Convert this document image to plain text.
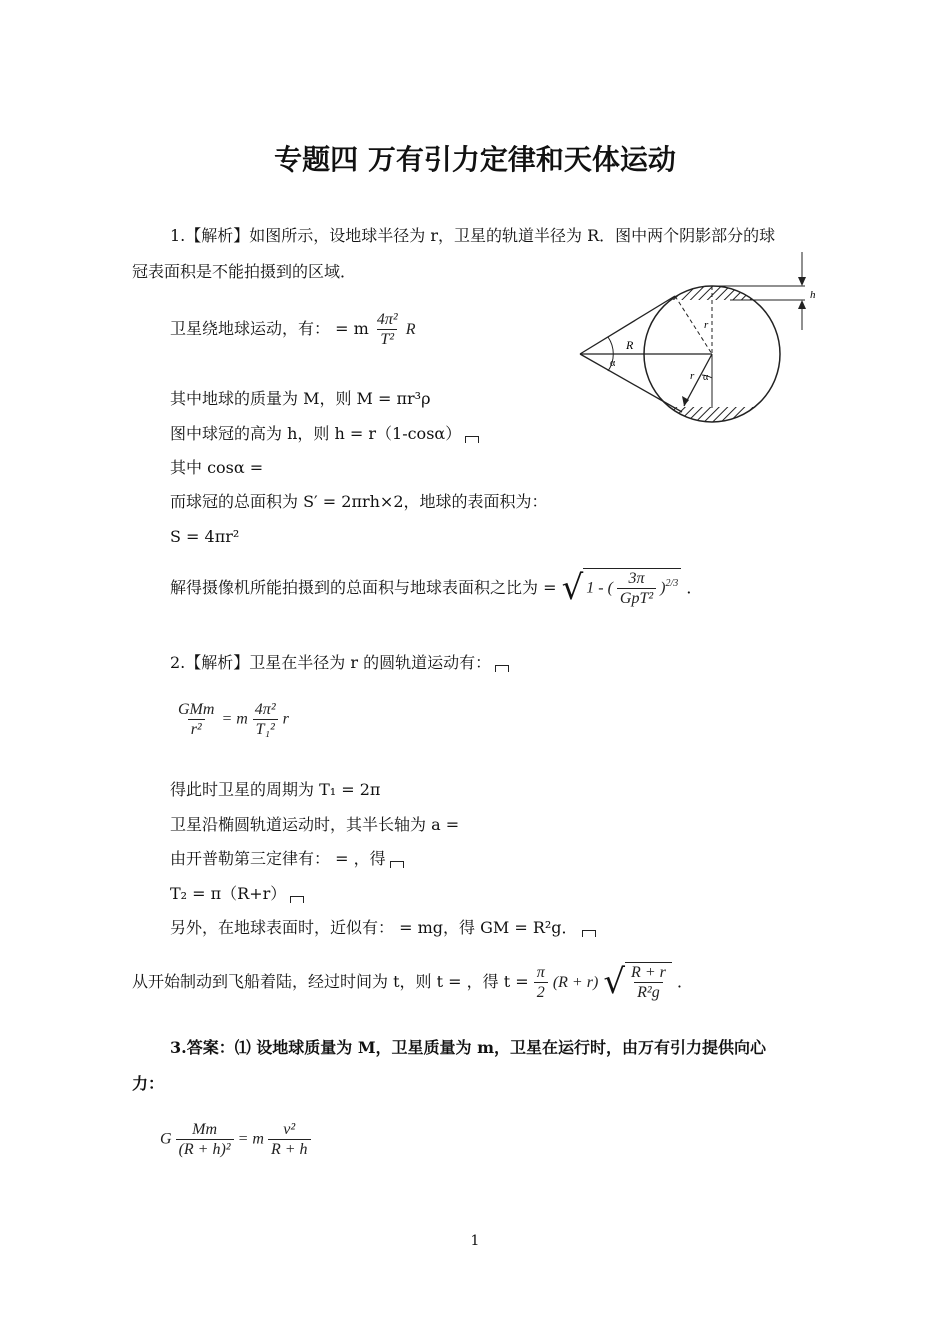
专题四 万有引力定律和天体运动
1.【解析】如图所示，设地球半径为 r，卫星的轨道半径为 R．图中两个阴影部分的球
冠表面积是不能拍摄到的区域．
卫星绕地球运动，有： = m $\frac{\text{4π²}}{\text{T²}}$ R
其中地球的质量为 M，则 M = πr³ρ
图中球冠的高为 h，则 h = r（1-cosα）
其中 cosα =
而球冠的总面积为 S′ = 2πrh×2，地球的表面积为：
S = 4πr²
解得摄像机所能拍摄到的总面积与地球表面积之比为 = √ 1 - ( $\frac{3\pi}{\text{GpT²}} )^{2/3}$ ．
h
R
r
r
α
α
2.【解析】卫星在半径为 r 的圆轨道运动有：
$\frac{\text{GMm}}{\text{r²}} = m \frac{\text{4π²}}{\text{T₁²}}$ r
得此时卫星的周期为 T₁ = 2π
卫星沿椭圆轨道运动时，其半长轴为 a =
由开普勒第三定律有： = ，得
T₂ = π（R+r）
另外，在地球表面时，近似有： = mg，得 GM = R²g．
从开始制动到飞船着陆，经过时间为 t，则 t = ，得 $t = \frac{\pi}{2} (R + r)$ √ $\frac{R + r}{\text{R²g}}$ ．
3.答案：⑴ 设地球质量为 M，卫星质量为 m，卫星在运行时，由万有引力提供向心
力：
G $\frac{Mm}{\text{(R + h)²}} = m \frac{\text{v²}}{R + h}$
1
